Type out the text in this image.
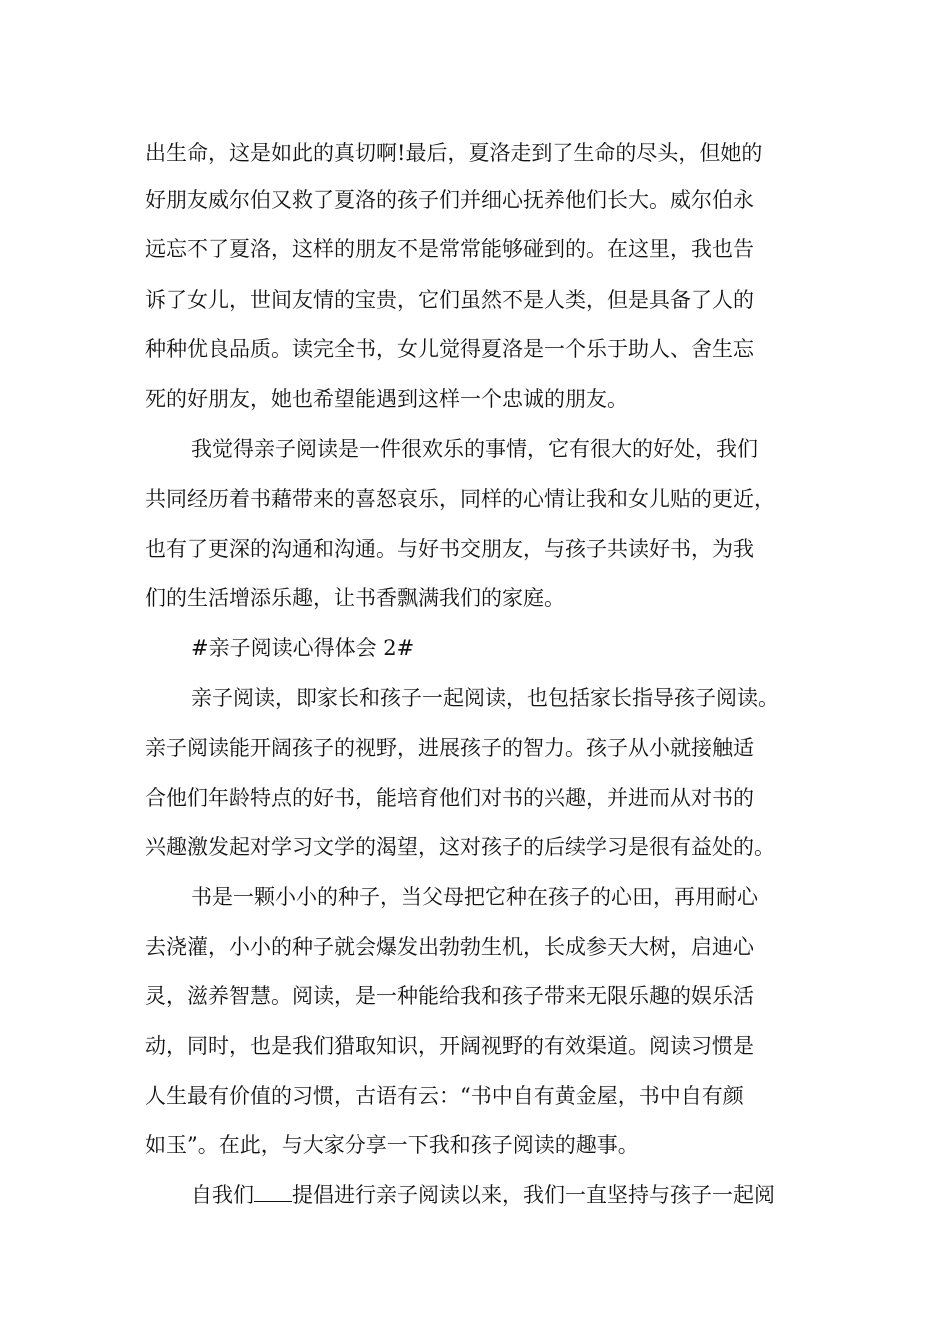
出生命，这是如此的真切啊!最后，夏洛走到了生命的尽头，但她的
好朋友威尔伯又救了夏洛的孩子们并细心抚养他们长大。威尔伯永
远忘不了夏洛，这样的朋友不是常常能够碰到的。在这里，我也告
诉了女儿，世间友情的宝贵，它们虽然不是人类，但是具备了人的
种种优良品质。读完全书，女儿觉得夏洛是一个乐于助人、舍生忘
死的好朋友，她也希望能遇到这样一个忠诚的朋友。
我觉得亲子阅读是一件很欢乐的事情，它有很大的好处，我们
共同经历着书藉带来的喜怒哀乐，同样的心情让我和女儿贴的更近，
也有了更深的沟通和沟通。与好书交朋友，与孩子共读好书，为我
们的生活增添乐趣，让书香飘满我们的家庭。
#亲子阅读心得体会 2#
亲子阅读，即家长和孩子一起阅读，也包括家长指导孩子阅读。
亲子阅读能开阔孩子的视野，进展孩子的智力。孩子从小就接触适
合他们年龄特点的好书，能培育他们对书的兴趣，并进而从对书的
兴趣激发起对学习文学的渴望，这对孩子的后续学习是很有益处的。
书是一颗小小的种子，当父母把它种在孩子的心田，再用耐心
去浇灌，小小的种子就会爆发出勃勃生机，长成参天大树，启迪心
灵，滋养智慧。阅读，是一种能给我和孩子带来无限乐趣的娱乐活
动，同时，也是我们猎取知识，开阔视野的有效渠道。阅读习惯是
人生最有价值的习惯，古语有云：“书中自有黄金屋，书中自有颜
如玉”。在此，与大家分享一下我和孩子阅读的趣事。
自我们 提倡进行亲子阅读以来，我们一直坚持与孩子一起阅
